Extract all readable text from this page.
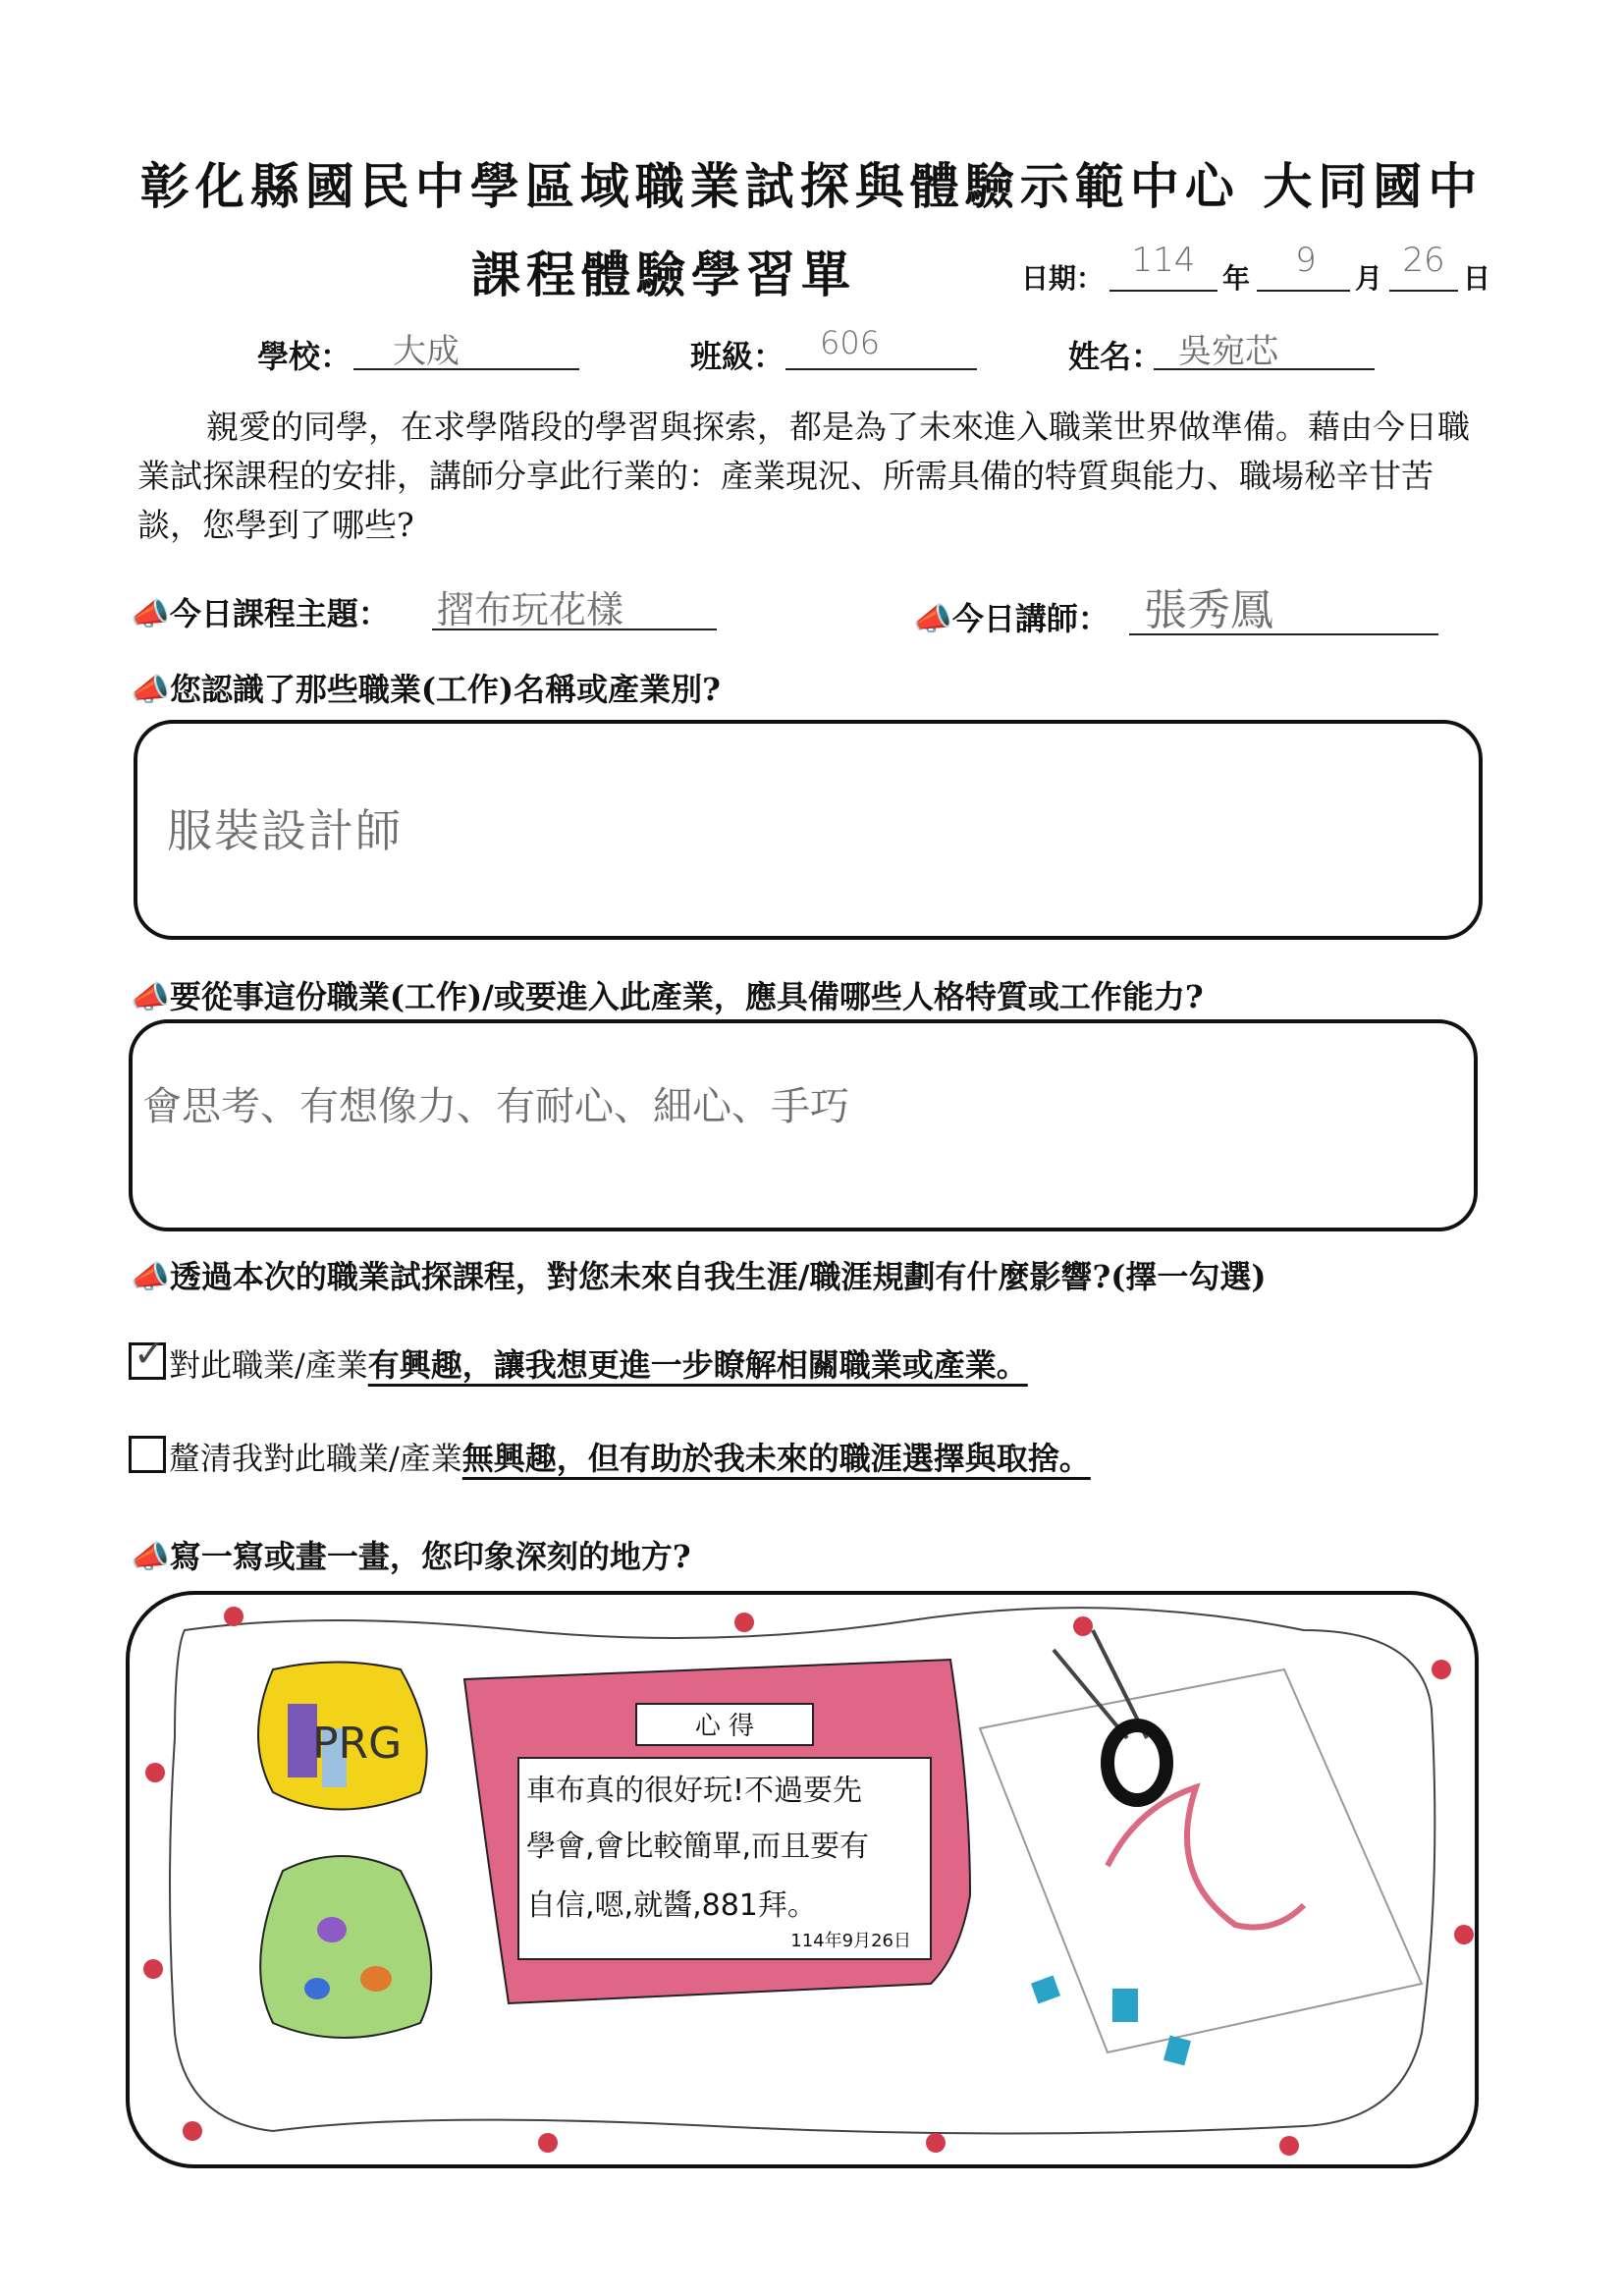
彰化縣國民中學區域職業試探與體驗示範中心 大同國中
課程體驗學習單	日期： 114 年	9	月 26 日
學校： 大成	班級： 606	姓名： 吳宛芯
親愛的同學，在求學階段的學習與探索，都是為了未來進入職業世界做準備。藉由今日職業試探課程的安排，講師分享此行業的：產業現況、所需具備的特質與能力、職場秘辛甘苦談，您學到了哪些?
📣今日課程主題： 摺布玩花樣	📣今日講師： 張秀鳳
📣您認識了那些職業(工作)名稱或產業別?
服裝設計師
📣要從事這份職業(工作)/或要進入此產業，應具備哪些人格特質或工作能力?
會思考、有想像力、有耐心、細心、手巧
📣透過本次的職業試探課程，對您未來自我生涯/職涯規劃有什麼影響?(擇一勾選)
✓ 對此職業/產業有興趣，讓我想更進一步瞭解相關職業或產業。
釐清我對此職業/產業無興趣，但有助於我未來的職涯選擇與取捨。
📣寫一寫或畫一畫，您印象深刻的地方?
PRG	心 得
車布真的很好玩!不過要先
學會,會比較簡單,而且要有
自信,嗯,就醬,881拜。
114年9月26日
